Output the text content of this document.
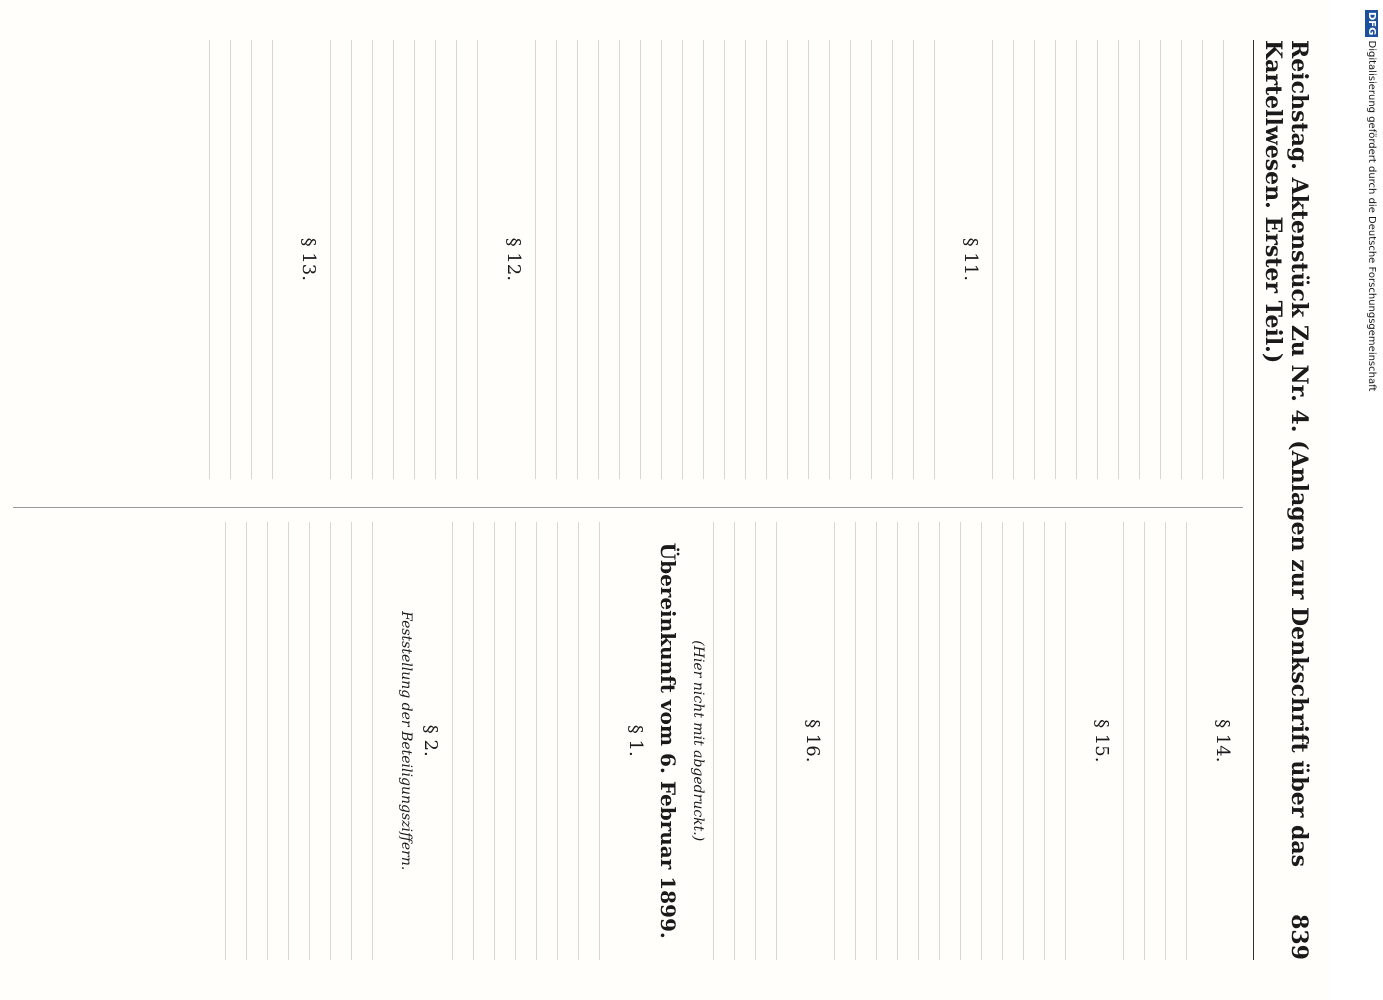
Reichstag. Aktenstück Zu Nr. 4. (Anlagen zur Denkschrift über das Kartellwesen. Erster Teil.)
839
§ 11.
§ 12.
§ 13.
§ 14.
§ 15.
§ 16.
(Hier nicht mit abgedruckt.)
Übereinkunft vom 6. Februar 1899.
§ 1.
§ 2.
Feststellung der Beteiligungsziffern.
DFG Digitalisierung gefördert durch die Deutsche Forschungsgemeinschaft
